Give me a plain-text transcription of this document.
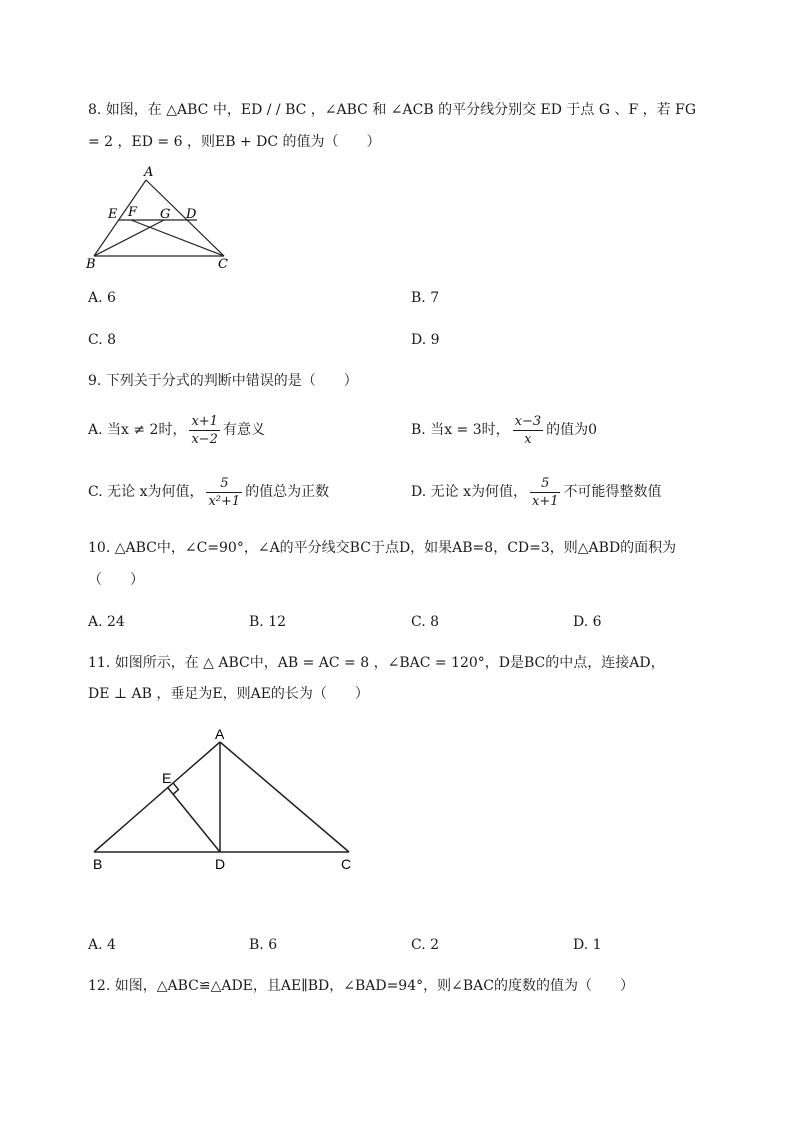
8. 如图，在 △ABC 中，ED / / BC ，∠ABC 和 ∠ACB 的平分线分别交 ED 于点 G 、F ，若 FG
= 2 ，ED = 6 ，则EB + DC 的值为（　　）
A
E F G D
B	C
A. 6	B. 7
C. 8	D. 9
9. 下列关于分式的判断中错误的是（　　）
A. 当x ≠ 2时， $\frac{x+1}{x-2}$ 有意义	B. 当x = 3时， $\frac{x-3}{x}$ 的值为0
C. 无论 x为何值， $\frac{5}{\text{x²+1}}$ 的值总为正数	D. 无论 x为何值， $\frac{5}{x+1}$ 不可能得整数值
10. △ABC中，∠C=90°，∠A的平分线交BC于点D，如果AB=8，CD=3，则△ABD的面积为
（　　）
A. 24	B. 12	C. 8	D. 6
11. 如图所示，在 △ ABC中，AB = AC = 8 ，∠BAC = 120°，D是BC的中点，连接AD，
DE ⊥ AB ，垂足为E，则AE的长为（　　）
A
E
B	D	C
A. 4	B. 6	C. 2	D. 1
12. 如图，△ABC≌△ADE，且AE∥BD，∠BAD=94°，则∠BAC的度数的值为（　　）
